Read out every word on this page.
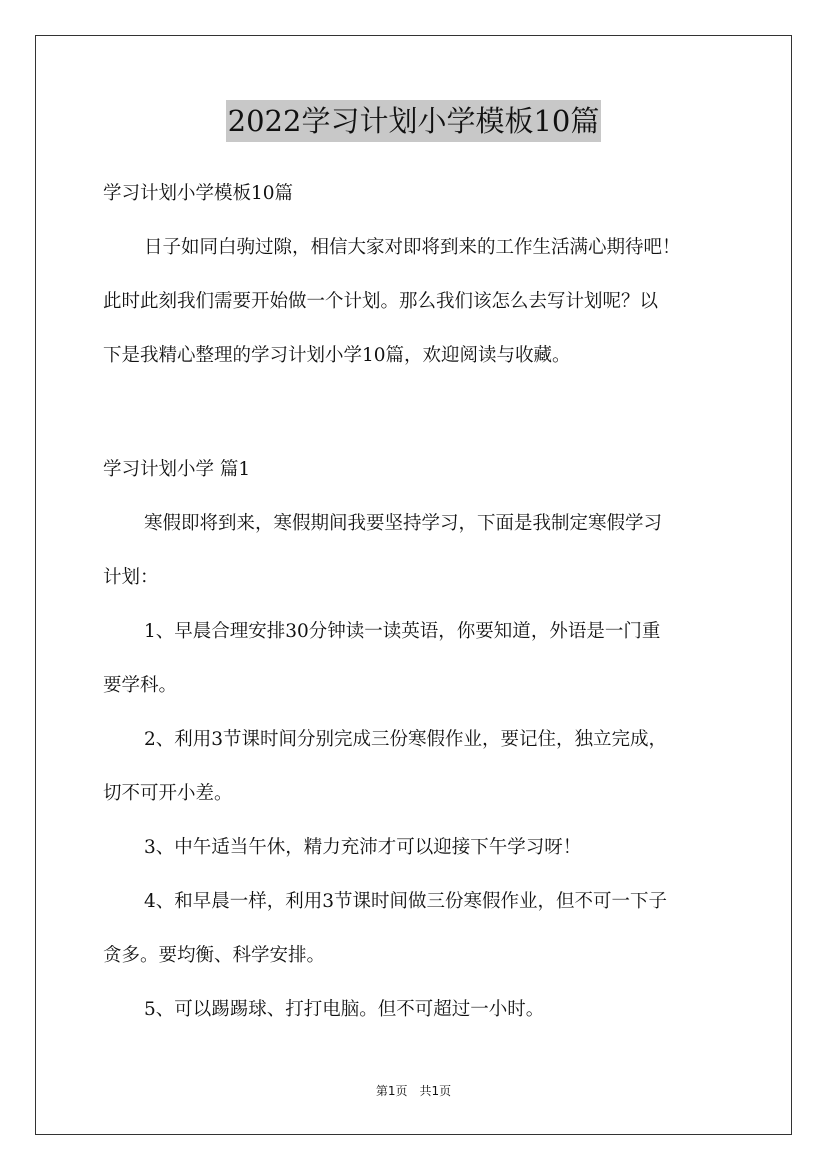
2022学习计划小学模板10篇
学习计划小学模板10篇
日子如同白驹过隙，相信大家对即将到来的工作生活满心期待吧！
此时此刻我们需要开始做一个计划。那么我们该怎么去写计划呢？以
下是我精心整理的学习计划小学10篇，欢迎阅读与收藏。
学习计划小学 篇1
寒假即将到来，寒假期间我要坚持学习，下面是我制定寒假学习
计划：
1、早晨合理安排30分钟读一读英语，你要知道，外语是一门重
要学科。
2、利用3节课时间分别完成三份寒假作业，要记住，独立完成，
切不可开小差。
3、中午适当午休，精力充沛才可以迎接下午学习呀！
4、和早晨一样，利用3节课时间做三份寒假作业，但不可一下子
贪多。要均衡、科学安排。
5、可以踢踢球、打打电脑。但不可超过一小时。
第1页　共1页
